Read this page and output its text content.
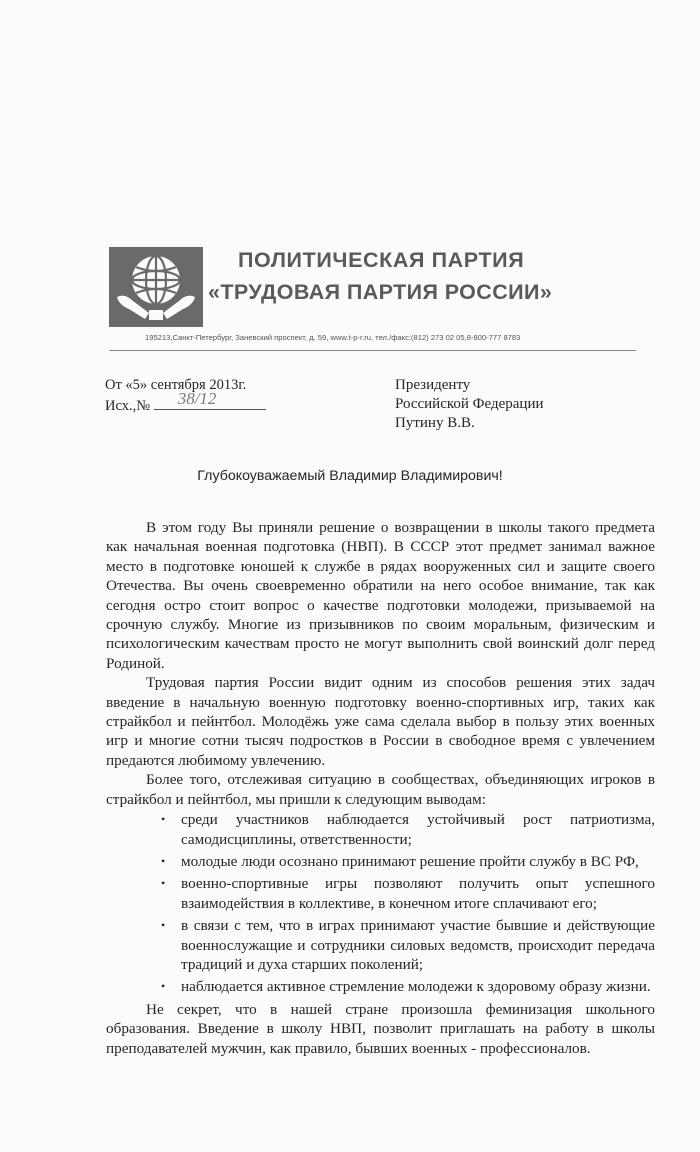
ПОЛИТИЧЕСКАЯ ПАРТИЯ
«ТРУДОВАЯ ПАРТИЯ РОССИИ»
195213,Санкт-Петербург, Заневский проспект, д. 59, www.t-p-r.ru, тел./факс:(812) 273 02 05,8-800-777 8783
От «5» сентября 2013г.
Исх.,№ 38/12
Президенту
Российской Федерации
Путину В.В.
Глубокоуважаемый Владимир Владимирович!

В этом году Вы приняли решение о возвращении в школы такого предмета как начальная военная подготовка (НВП). В СССР этот предмет занимал важное место в подготовке юношей к службе в рядах вооруженных сил и защите своего Отечества. Вы очень своевременно обратили на него особое внимание, так как сегодня остро стоит вопрос о качестве подготовки молодежи, призываемой на срочную службу. Многие из призывников по своим моральным, физическим и психологическим качествам просто не могут выполнить свой воинский долг перед Родиной.

Трудовая партия России видит одним из способов решения этих задач введение в начальную военную подготовку военно-спортивных игр, таких как страйкбол и пейнтбол. Молодёжь уже сама сделала выбор в пользу этих военных игр и многие сотни тысяч подростков в России в свободное время с увлечением предаются любимому увлечению.

Более того, отслеживая ситуацию в сообществах, объединяющих игроков в страйкбол и пейнтбол, мы пришли к следующим выводам:

• среди участников наблюдается устойчивый рост патриотизма, самодисциплины, ответственности;
• молодые люди осознано принимают решение пройти службу в ВС РФ,
• военно-спортивные игры позволяют получить опыт успешного взаимодействия в коллективе, в конечном итоге сплачивают его;
• в связи с тем, что в играх принимают участие бывшие и действующие военнослужащие и сотрудники силовых ведомств, происходит передача традиций и духа старших поколений;
• наблюдается активное стремление молодежи к здоровому образу жизни.

Не секрет, что в нашей стране произошла феминизация школьного образования. Введение в школу НВП, позволит приглашать на работу в школы преподавателей мужчин, как правило, бывших военных - профессионалов.
